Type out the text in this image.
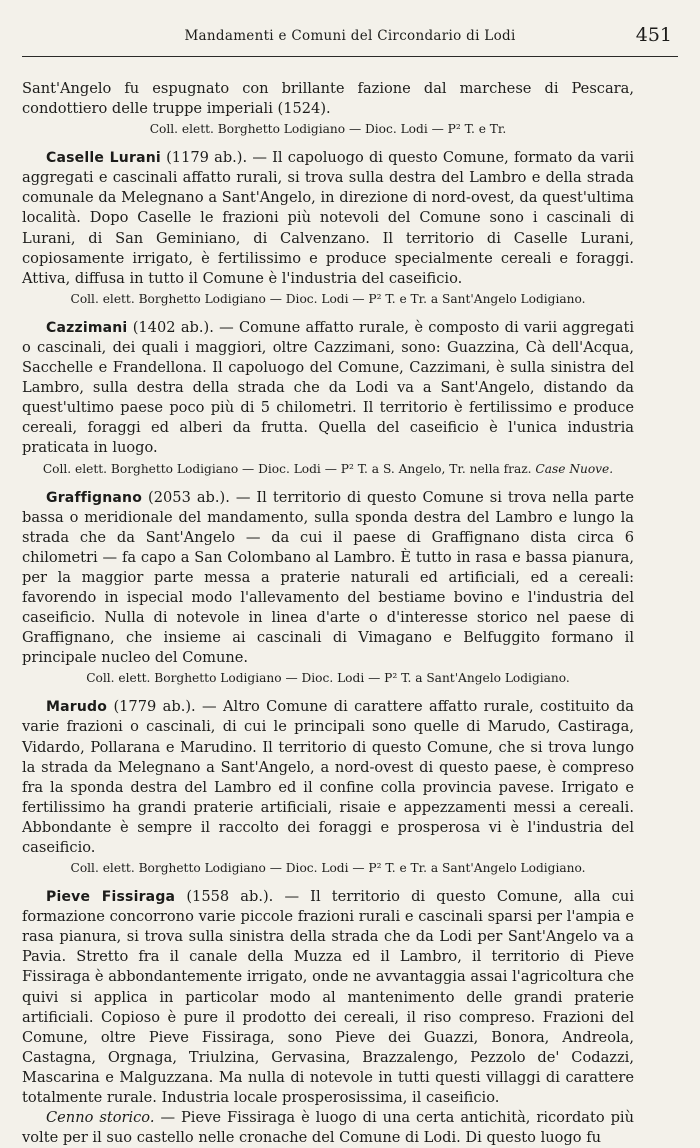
Mandamenti e Comuni del Circondario di Lodi	451

Sant'Angelo fu espugnato con brillante fazione dal marchese di Pescara, condottiero delle truppe imperiali (1524).

Coll. elett. Borghetto Lodigiano — Dioc. Lodi — P² T. e Tr.

Caselle Lurani (1179 ab.). — Il capoluogo di questo Comune, formato da varii aggregati e cascinali affatto rurali, si trova sulla destra del Lambro e della strada comunale da Melegnano a Sant'Angelo, in direzione di nord-ovest, da quest'ultima località. Dopo Caselle le frazioni più notevoli del Comune sono i cascinali di Lurani, di San Geminiano, di Calvenzano. Il territorio di Caselle Lurani, copiosamente irrigato, è fertilissimo e produce specialmente cereali e foraggi. Attiva, diffusa in tutto il Comune è l'industria del caseificio.

Coll. elett. Borghetto Lodigiano — Dioc. Lodi — P² T. e Tr. a Sant'Angelo Lodigiano.

Cazzimani (1402 ab.). — Comune affatto rurale, è composto di varii aggregati o cascinali, dei quali i maggiori, oltre Cazzimani, sono: Guazzina, Cà dell'Acqua, Sacchelle e Frandellona. Il capoluogo del Comune, Cazzimani, è sulla sinistra del Lambro, sulla destra della strada che da Lodi va a Sant'Angelo, distando da quest'ultimo paese poco più di 5 chilometri. Il territorio è fertilissimo e produce cereali, foraggi ed alberi da frutta. Quella del caseificio è l'unica industria praticata in luogo.

Coll. elett. Borghetto Lodigiano — Dioc. Lodi — P² T. a S. Angelo, Tr. nella fraz. Case Nuove.

Graffignano (2053 ab.). — Il territorio di questo Comune si trova nella parte bassa o meridionale del mandamento, sulla sponda destra del Lambro e lungo la strada che da Sant'Angelo — da cui il paese di Graffignano dista circa 6 chilometri — fa capo a San Colombano al Lambro. È tutto in rasa e bassa pianura, per la maggior parte messa a praterie naturali ed artificiali, ed a cereali: favorendo in ispecial modo l'allevamento del bestiame bovino e l'industria del caseificio. Nulla di notevole in linea d'arte o d'interesse storico nel paese di Graffignano, che insieme ai cascinali di Vimagano e Belfuggito formano il principale nucleo del Comune.

Coll. elett. Borghetto Lodigiano — Dioc. Lodi — P² T. a Sant'Angelo Lodigiano.

Marudo (1779 ab.). — Altro Comune di carattere affatto rurale, costituito da varie frazioni o cascinali, di cui le principali sono quelle di Marudo, Castiraga, Vidardo, Pollarana e Marudino. Il territorio di questo Comune, che si trova lungo la strada da Melegnano a Sant'Angelo, a nord-ovest di questo paese, è compreso fra la sponda destra del Lambro ed il confine colla provincia pavese. Irrigato e fertilissimo ha grandi praterie artificiali, risaie e appezzamenti messi a cereali. Abbondante è sempre il raccolto dei foraggi e prosperosa vi è l'industria del caseificio.

Coll. elett. Borghetto Lodigiano — Dioc. Lodi — P² T. e Tr. a Sant'Angelo Lodigiano.

Pieve Fissiraga (1558 ab.). — Il territorio di questo Comune, alla cui formazione concorrono varie piccole frazioni rurali e cascinali sparsi per l'ampia e rasa pianura, si trova sulla sinistra della strada che da Lodi per Sant'Angelo va a Pavia. Stretto fra il canale della Muzza ed il Lambro, il territorio di Pieve Fissiraga è abbondantemente irrigato, onde ne avvantaggia assai l'agricoltura che quivi si applica in particolar modo al mantenimento delle grandi praterie artificiali. Copioso è pure il prodotto dei cereali, il riso compreso. Frazioni del Comune, oltre Pieve Fissiraga, sono Pieve dei Guazzi, Bonora, Andreola, Castagna, Orgnaga, Triulzina, Gervasina, Brazzalengo, Pezzolo de' Codazzi, Mascarina e Malguzzana. Ma nulla di notevole in tutti questi villaggi di carattere totalmente rurale. Industria locale prosperosissima, il caseificio.

Cenno storico. — Pieve Fissiraga è luogo di una certa antichità, ricordato più volte per il suo castello nelle cronache del Comune di Lodi. Di questo luogo fu
